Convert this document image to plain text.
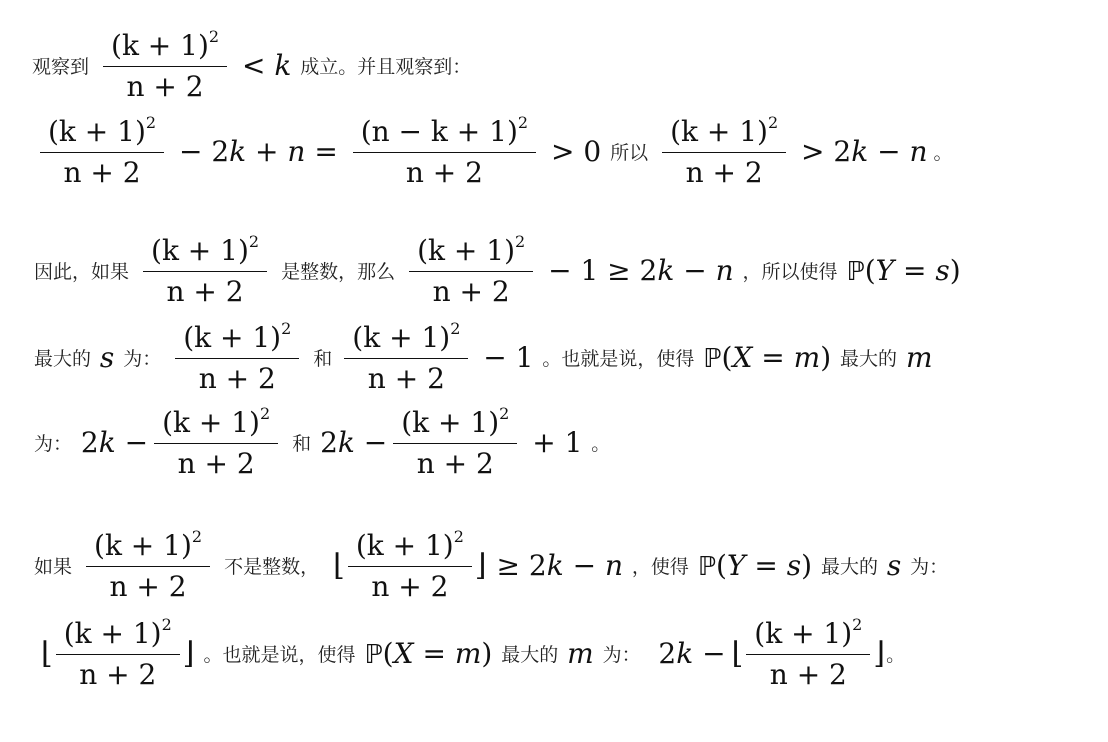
观察到 $\frac{(k + 1)^2}{n + 2} < k$ 成立。并且观察到：
$\frac{(k + 1)^2}{n + 2} - 2k + n = \frac{(n - k + 1)^2}{n + 2} > 0$ 所以 $\frac{(k + 1)^2}{n + 2} > 2k - n$ 。
因此，如果 $\frac{(k + 1)^2}{n + 2}$ 是整数，那么 $\frac{(k + 1)^2}{n + 2} - 1 \ge 2k - n$ ，所以使得 ℙ(Y = s)
最大的 s 为： $\frac{(k + 1)^2}{n + 2}$ 和 $\frac{(k + 1)^2}{n + 2} - 1$ 。也就是说，使得 ℙ(X = m) 最大的 m
为： $2k - \frac{(k + 1)^2}{n + 2}$ 和 $2k - \frac{(k + 1)^2}{n + 2} + 1$ 。
如果 $\frac{(k + 1)^2}{n + 2}$ 不是整数， ⌊ $\frac{(k + 1)^2}{n + 2}$ ⌋ ≥ 2k − n ，使得 ℙ(Y = s) 最大的 s 为：
⌊ $\frac{(k + 1)^2}{n + 2}$ ⌋ 。也就是说，使得 ℙ(X = m) 最大的 m 为： 2k − ⌊ $\frac{(k + 1)^2}{n + 2}$ ⌋ 。
